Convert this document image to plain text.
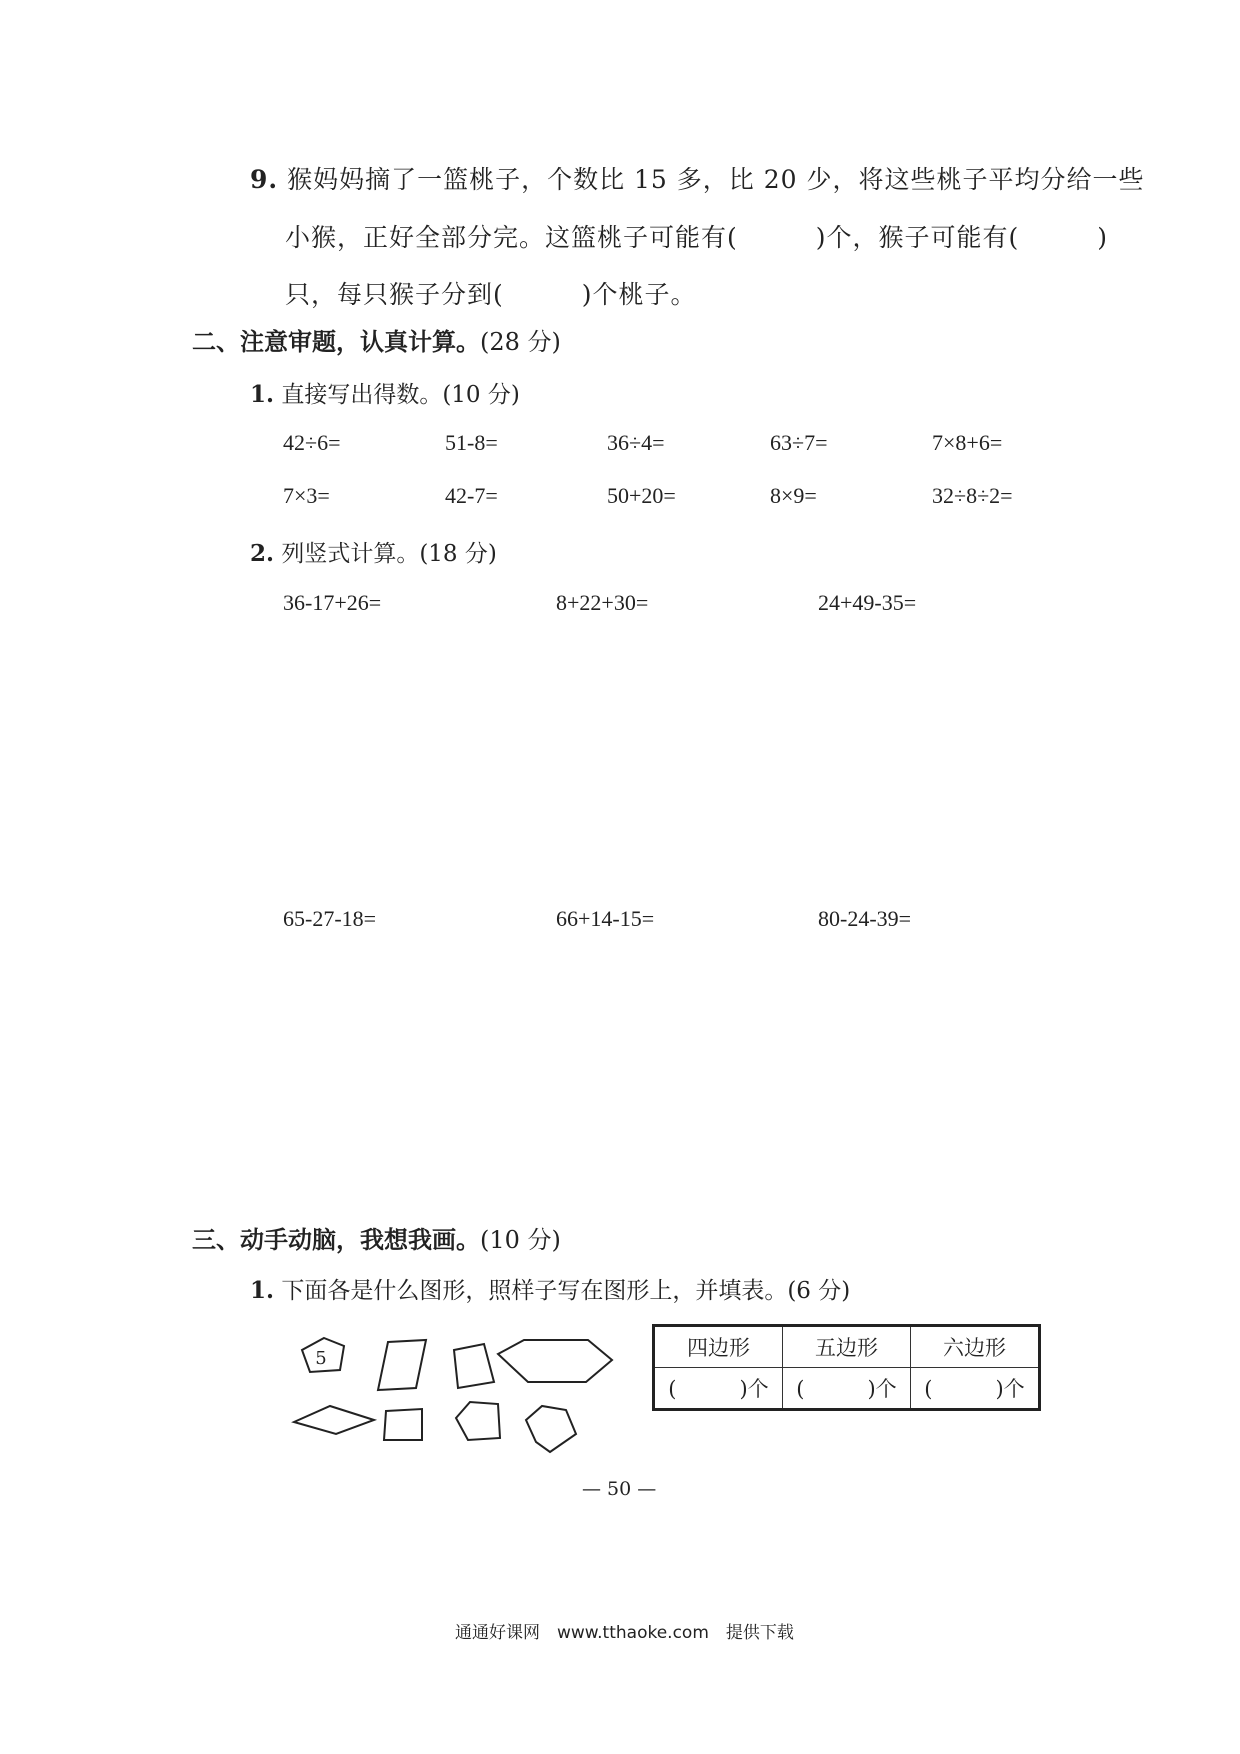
9. 猴妈妈摘了一篮桃子，个数比 15 多，比 20 少，将这些桃子平均分给一些
小猴，正好全部分完。这篮桃子可能有(　　　)个，猴子可能有(　　　)
只，每只猴子分到(　　　)个桃子。
二、注意审题，认真计算。(28 分)
1. 直接写出得数。(10 分)
42÷6=	51-8=	36÷4=	63÷7=	7×8+6=
7×3=	42-7=	50+20=	8×9=	32÷8÷2=
2. 列竖式计算。(18 分)
36-17+26=	8+22+30=	24+49-35=
65-27-18=	66+14-15=	80-24-39=
三、动手动脑，我想我画。(10 分)
1. 下面各是什么图形，照样子写在图形上，并填表。(6 分)
5	四边形	五边形	六边形
(　　　)个	(　　　)个	(　　　)个
— 50 —
通通好课网　www.tthaoke.com　提供下载
